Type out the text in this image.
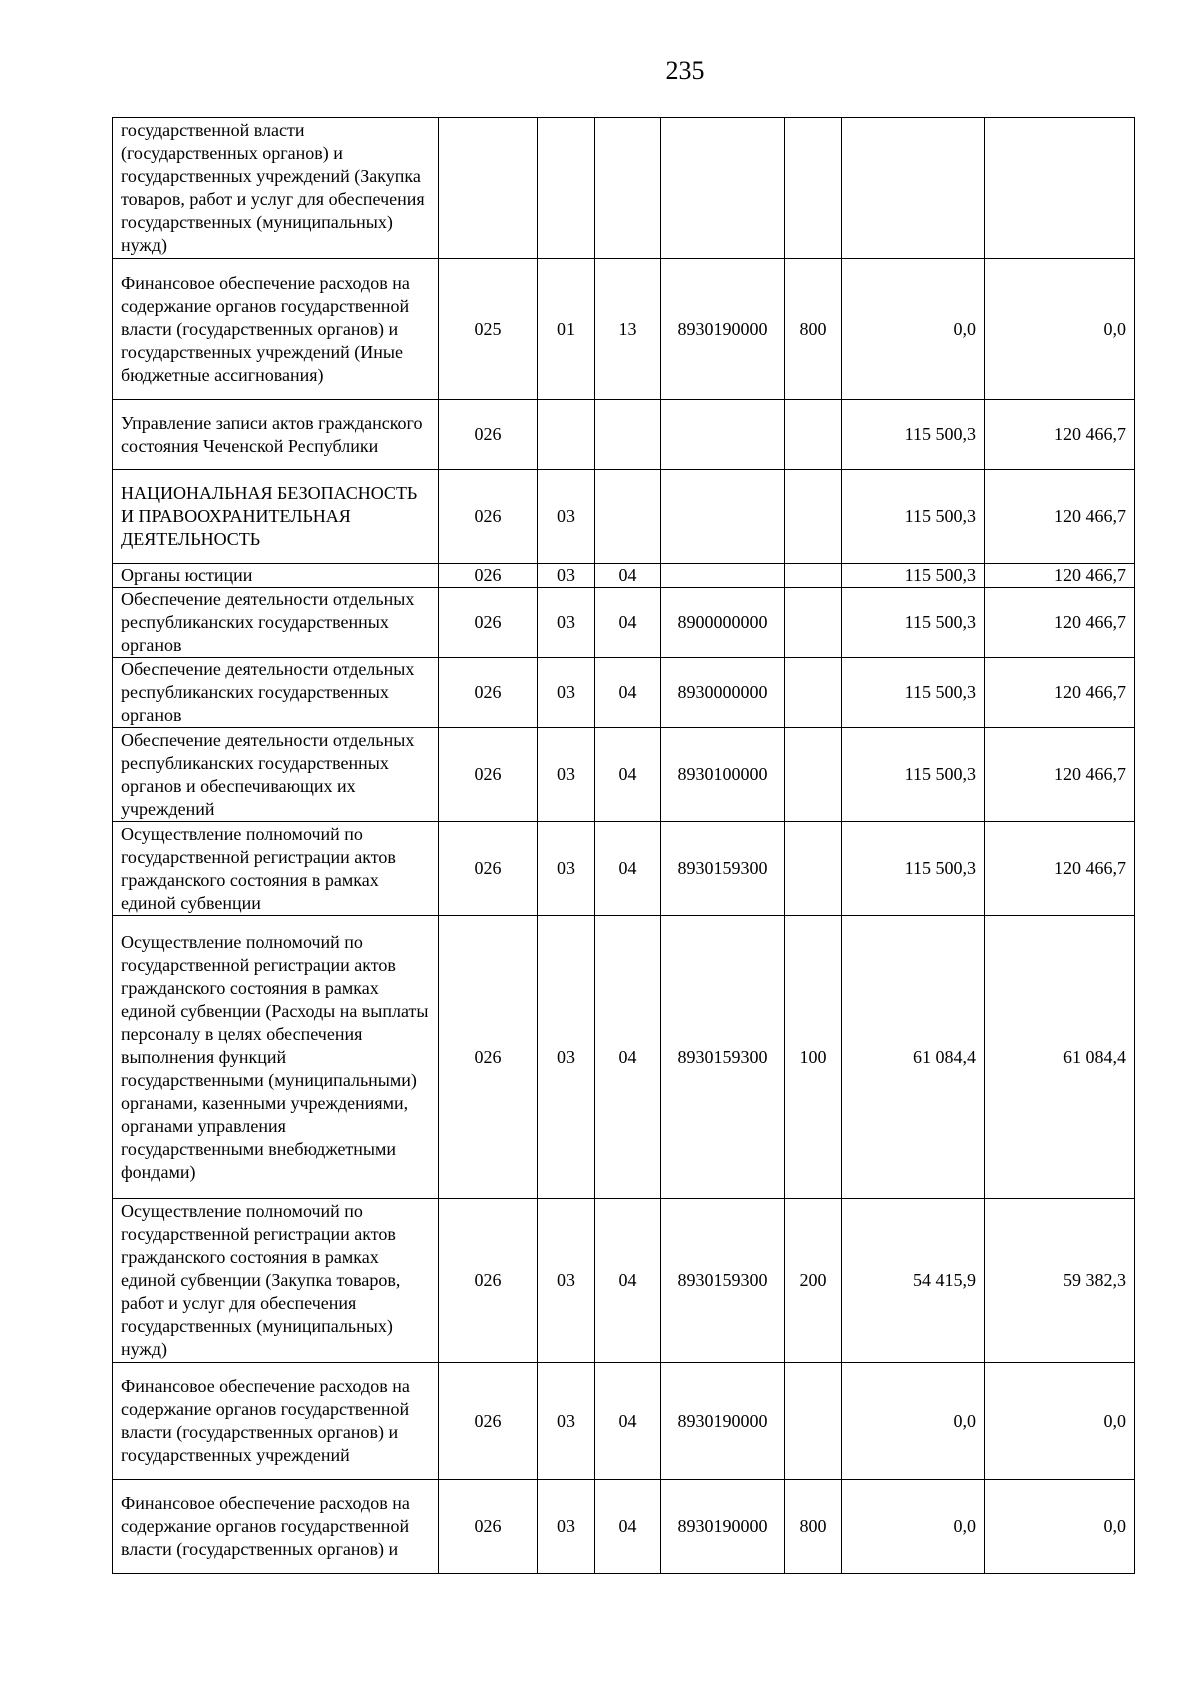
235
государственной власти (государственных органов) и государственных учреждений (Закупка товаров, работ и услуг для обеспечения государственных (муниципальных) нужд)							
Финансовое обеспечение расходов на содержание органов государственной власти (государственных органов) и государственных учреждений (Иные бюджетные ассигнования)	025	01	13	8930190000	800	0,0	0,0
Управление записи актов гражданского состояния Чеченской Республики	026					115 500,3	120 466,7
НАЦИОНАЛЬНАЯ БЕЗОПАСНОСТЬ И ПРАВООХРАНИТЕЛЬНАЯ ДЕЯТЕЛЬНОСТЬ	026	03				115 500,3	120 466,7
Органы юстиции	026	03	04			115 500,3	120 466,7
Обеспечение деятельности отдельных республиканских государственных органов	026	03	04	8900000000		115 500,3	120 466,7
Обеспечение деятельности отдельных республиканских государственных органов	026	03	04	8930000000		115 500,3	120 466,7
Обеспечение деятельности отдельных республиканских государственных органов и обеспечивающих их учреждений	026	03	04	8930100000		115 500,3	120 466,7
Осуществление полномочий по государственной регистрации актов гражданского состояния в рамках единой субвенции	026	03	04	8930159300		115 500,3	120 466,7
Осуществление полномочий по государственной регистрации актов гражданского состояния в рамках единой субвенции (Расходы на выплаты персоналу в целях обеспечения выполнения функций государственными (муниципальными) органами, казенными учреждениями, органами управления государственными внебюджетными фондами)	026	03	04	8930159300	100	61 084,4	61 084,4
Осуществление полномочий по государственной регистрации актов гражданского состояния в рамках единой субвенции (Закупка товаров, работ и услуг для обеспечения государственных (муниципальных) нужд)	026	03	04	8930159300	200	54 415,9	59 382,3
Финансовое обеспечение расходов на содержание органов государственной власти (государственных органов) и государственных учреждений	026	03	04	8930190000		0,0	0,0
Финансовое обеспечение расходов на содержание органов государственной власти (государственных органов) и	026	03	04	8930190000	800	0,0	0,0
